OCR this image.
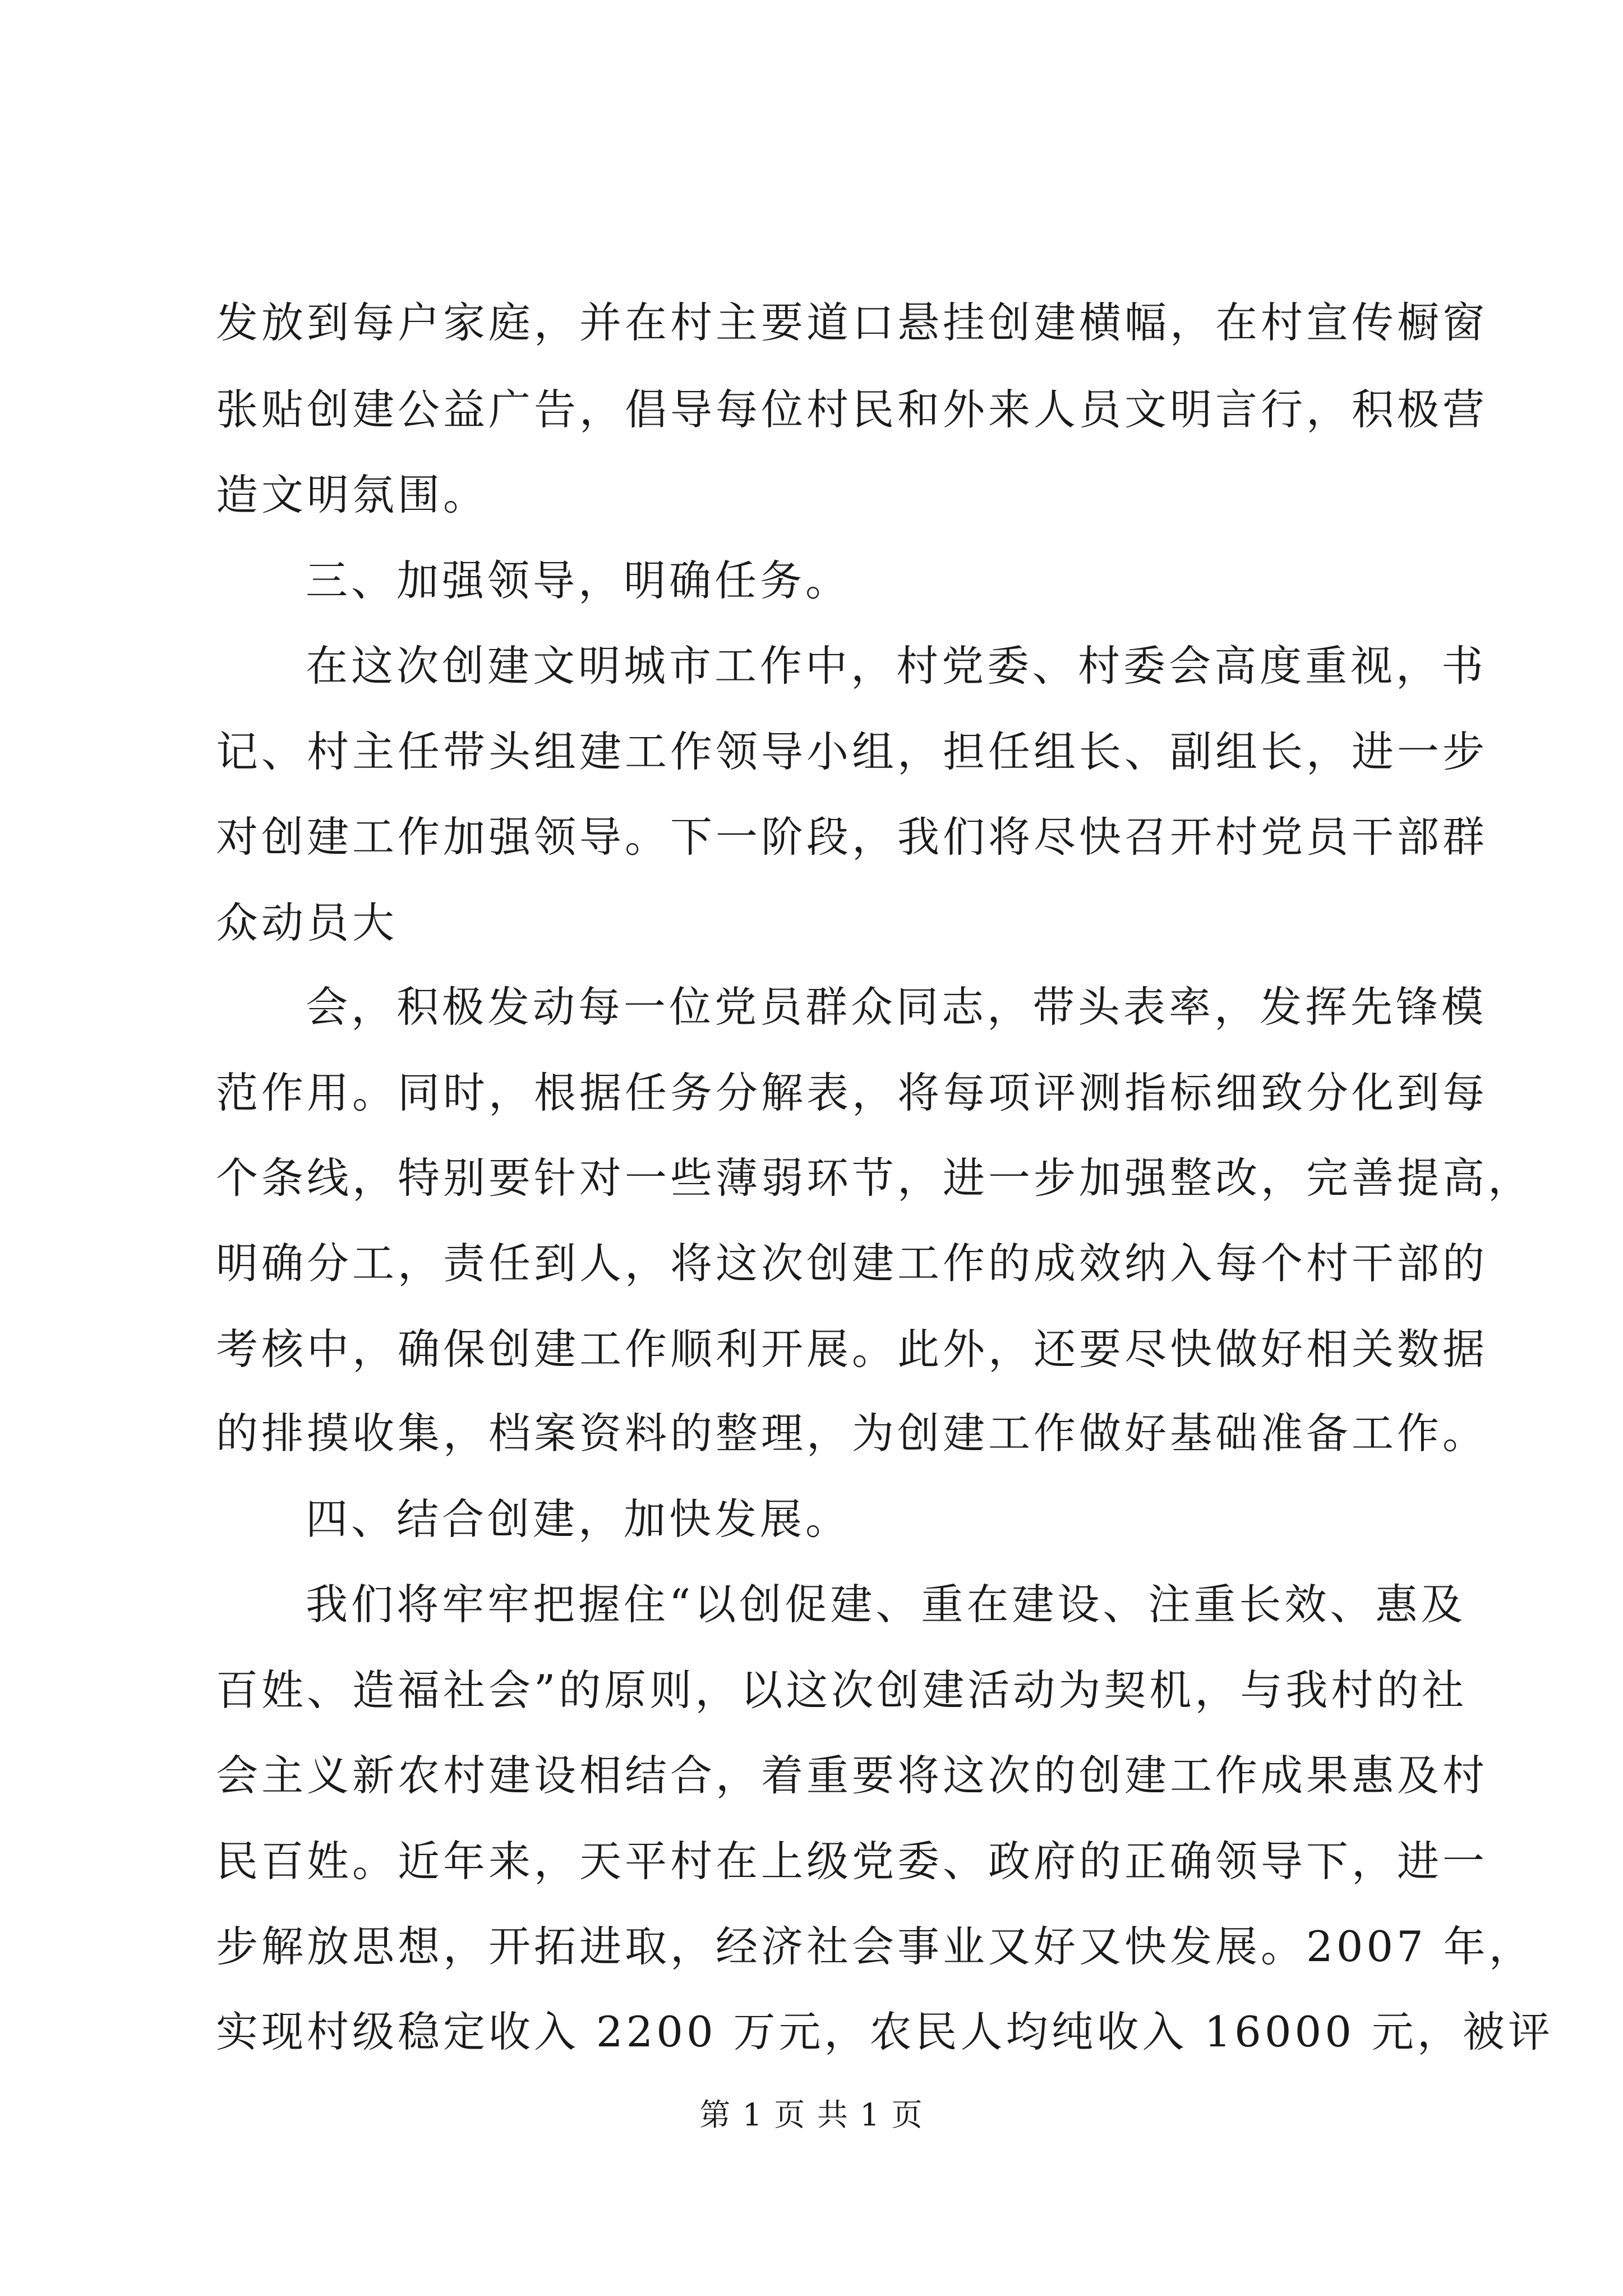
发放到每户家庭，并在村主要道口悬挂创建横幅，在村宣传橱窗
张贴创建公益广告，倡导每位村民和外来人员文明言行，积极营
造文明氛围。
三、加强领导，明确任务。
在这次创建文明城市工作中，村党委、村委会高度重视，书
记、村主任带头组建工作领导小组，担任组长、副组长，进一步
对创建工作加强领导。下一阶段，我们将尽快召开村党员干部群
众动员大
会，积极发动每一位党员群众同志，带头表率，发挥先锋模
范作用。同时，根据任务分解表，将每项评测指标细致分化到每
个条线，特别要针对一些薄弱环节，进一步加强整改，完善提高，
明确分工，责任到人，将这次创建工作的成效纳入每个村干部的
考核中，确保创建工作顺利开展。此外，还要尽快做好相关数据
的排摸收集，档案资料的整理，为创建工作做好基础准备工作。
四、结合创建，加快发展。
我们将牢牢把握住“以创促建、重在建设、注重长效、惠及
百姓、造福社会”的原则，以这次创建活动为契机，与我村的社
会主义新农村建设相结合，着重要将这次的创建工作成果惠及村
民百姓。近年来，天平村在上级党委、政府的正确领导下，进一
步解放思想，开拓进取，经济社会事业又好又快发展。2007 年，
实现村级稳定收入 2200 万元，农民人均纯收入 16000 元，被评
第 1 页 共 1 页
